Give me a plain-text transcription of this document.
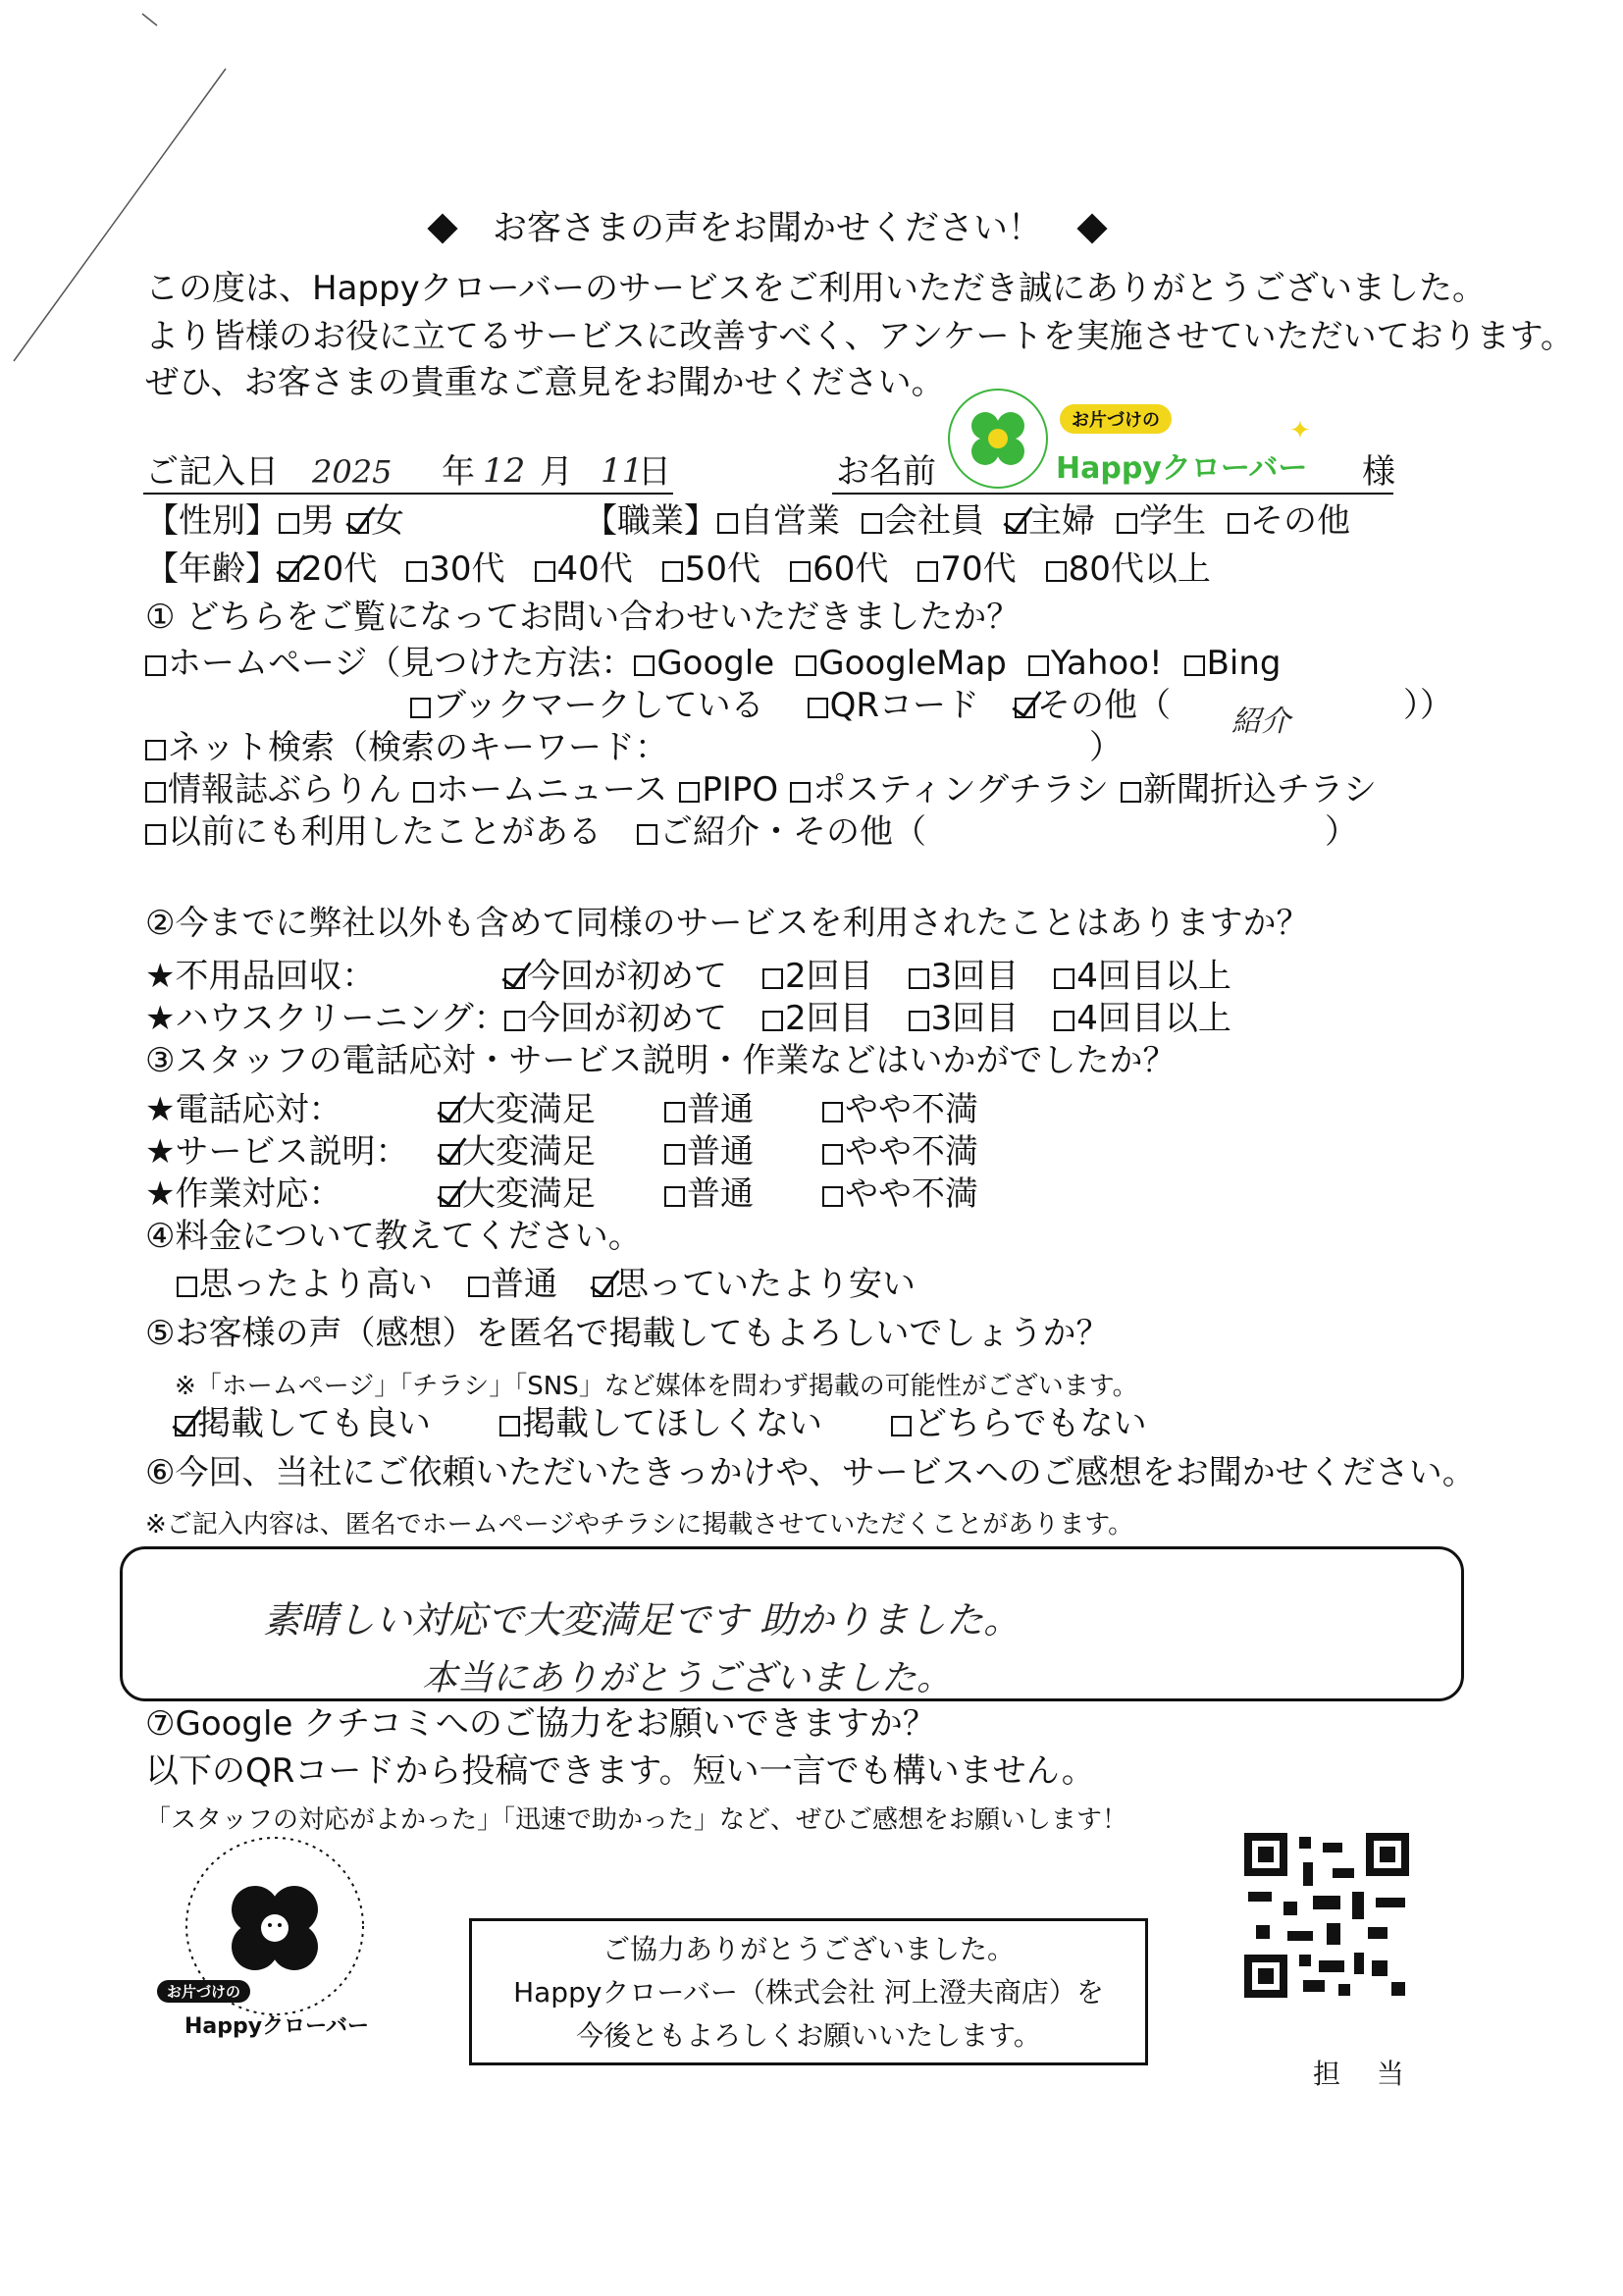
お客さまの声をお聞かせください！
この度は、Happyクローバーのサービスをご利用いただき誠にありがとうございました。
より皆様のお役に立てるサービスに改善すべく、アンケートを実施させていただいております。
ぜひ、お客さまの貴重なご意見をお聞かせください。
ご記入日 2025 年 12 月 11
日	お名前	様
お片づけの
Happyクローバー
✦
【性別】 男 女	【職業】 自営業 会社員 主婦 学生 その他
【年齢】 20代 30代 40代 50代 60代 70代 80代以上
① どちらをご覧になってお問い合わせいただきましたか？
ホームページ（見つけた方法： Google GoogleMap Yahoo! Bing
ブックマークしている QRコード その他（ 紹介	））
ネット検索（検索のキーワード：	）
情報誌ぶらりん ホームニュース PIPO ポスティングチラシ 新聞折込チラシ
以前にも利用したことがある ご紹介・その他（	）
②今までに弊社以外も含めて同様のサービスを利用されたことはありますか？
★不用品回収：	今回が初めて 2回目 3回目 4回目以上
★ハウスクリーニング： 今回が初めて 2回目 3回目 4回目以上
③スタッフの電話応対・サービス説明・作業などはいかがでしたか？
★電話応対：	大変満足	普通	やや不満
★サービス説明：	大変満足	普通	やや不満
★作業対応：	大変満足	普通	やや不満
④料金について教えてください。
思ったより高い 普通 思っていたより安い
⑤お客様の声（感想）を匿名で掲載してもよろしいでしょうか？
※「ホームページ」「チラシ」「SNS」など媒体を問わず掲載の可能性がございます。
掲載しても良い	掲載してほしくない	どちらでもない
⑥今回、当社にご依頼いただいたきっかけや、サービスへのご感想をお聞かせください。
※ご記入内容は、匿名でホームページやチラシに掲載させていただくことがあります。
素晴しい対応で大変満足です 助かりました。
本当にありがとうございました。
⑦Google クチコミへのご協力をお願いできますか？
以下のQRコードから投稿できます。短い一言でも構いません。
「スタッフの対応がよかった」「迅速で助かった」など、ぜひご感想をお願いします！
お片づけの
Happyクローバー
ご協力ありがとうございました。
Happyクローバー（株式会社 河上澄夫商店）を
今後ともよろしくお願いいたします。
担 当
